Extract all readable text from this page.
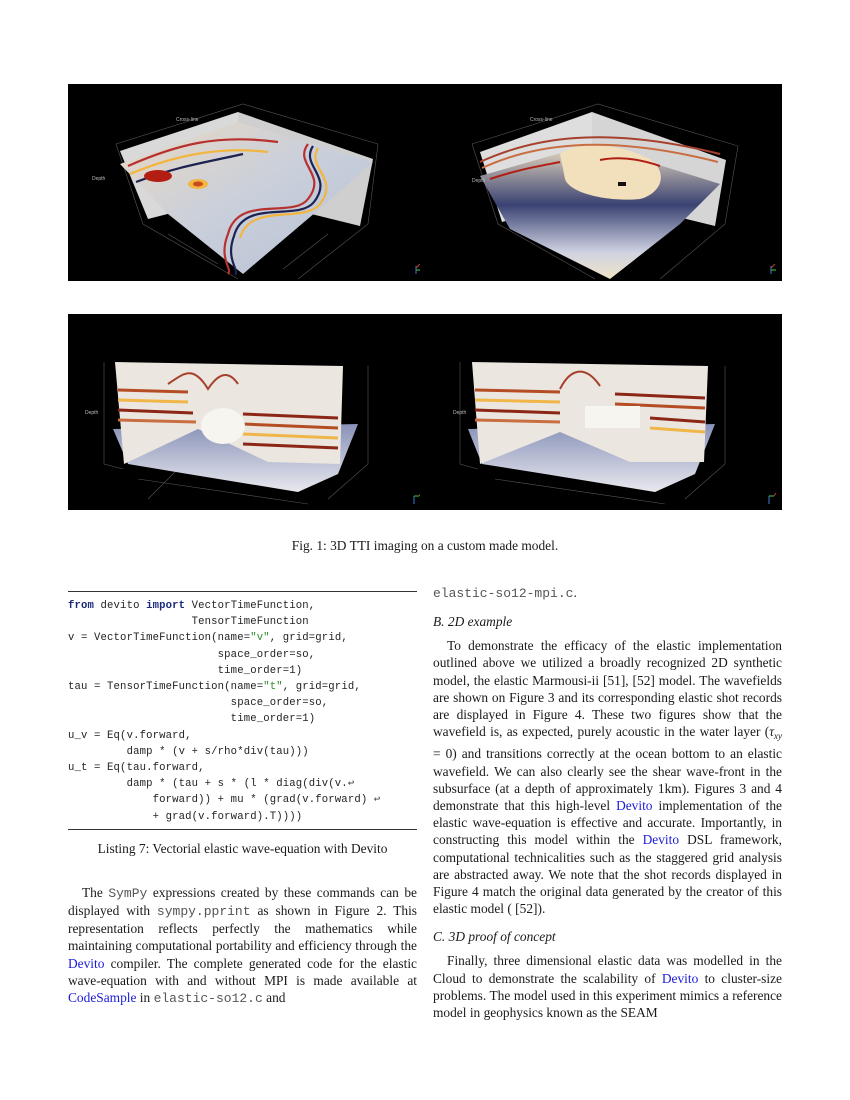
Cross-line
Depth
Cross-line
Depth
Depth	Depth
Fig. 1: 3D TTI imaging on a custom made model.
from devito import VectorTimeFunction,
TensorTimeFunction
v = VectorTimeFunction(name="v", grid=grid,
space_order=so,
time_order=1)
tau = TensorTimeFunction(name="t", grid=grid,
space_order=so,
time_order=1)
u_v = Eq(v.forward,
damp * (v + s/rho*div(tau)))
u_t = Eq(tau.forward,
damp * (tau + s * (l * diag(div(v.↩
forward)) + mu * (grad(v.forward) ↩
+ grad(v.forward).T))))
Listing 7: Vectorial elastic wave-equation with Devito

The SymPy expressions created by these commands can be displayed with sympy.pprint as shown in Figure 2. This representation reflects perfectly the mathematics while maintaining computational portability and efficiency through the Devito compiler. The complete generated code for the elastic wave-equation with and without MPI is made available at CodeSample in elastic-so12.c and

elastic-so12-mpi.c.

B. 2D example

To demonstrate the efficacy of the elastic implementation outlined above we utilized a broadly recognized 2D synthetic model, the elastic Marmousi-ii [51], [52] model. The wavefields are shown on Figure 3 and its corresponding elastic shot records are displayed in Figure 4. These two figures show that the wavefield is, as expected, purely acoustic in the water layer $(\tau_{xy} = 0)$ and transitions correctly at the ocean bottom to an elastic wavefield. We can also clearly see the shear wave-front in the subsurface (at a depth of approximately 1km). Figures 3 and 4 demonstrate that this high-level Devito implementation of the elastic wave-equation is effective and accurate. Importantly, in constructing this model within the Devito DSL framework, computational technicalities such as the staggered grid analysis are abstracted away. We note that the shot records displayed in Figure 4 match the original data generated by the creator of this elastic model ( [52]).

C. 3D proof of concept

Finally, three dimensional elastic data was modelled in the Cloud to demonstrate the scalability of Devito to cluster-size problems. The model used in this experiment mimics a reference model in geophysics known as the SEAM
